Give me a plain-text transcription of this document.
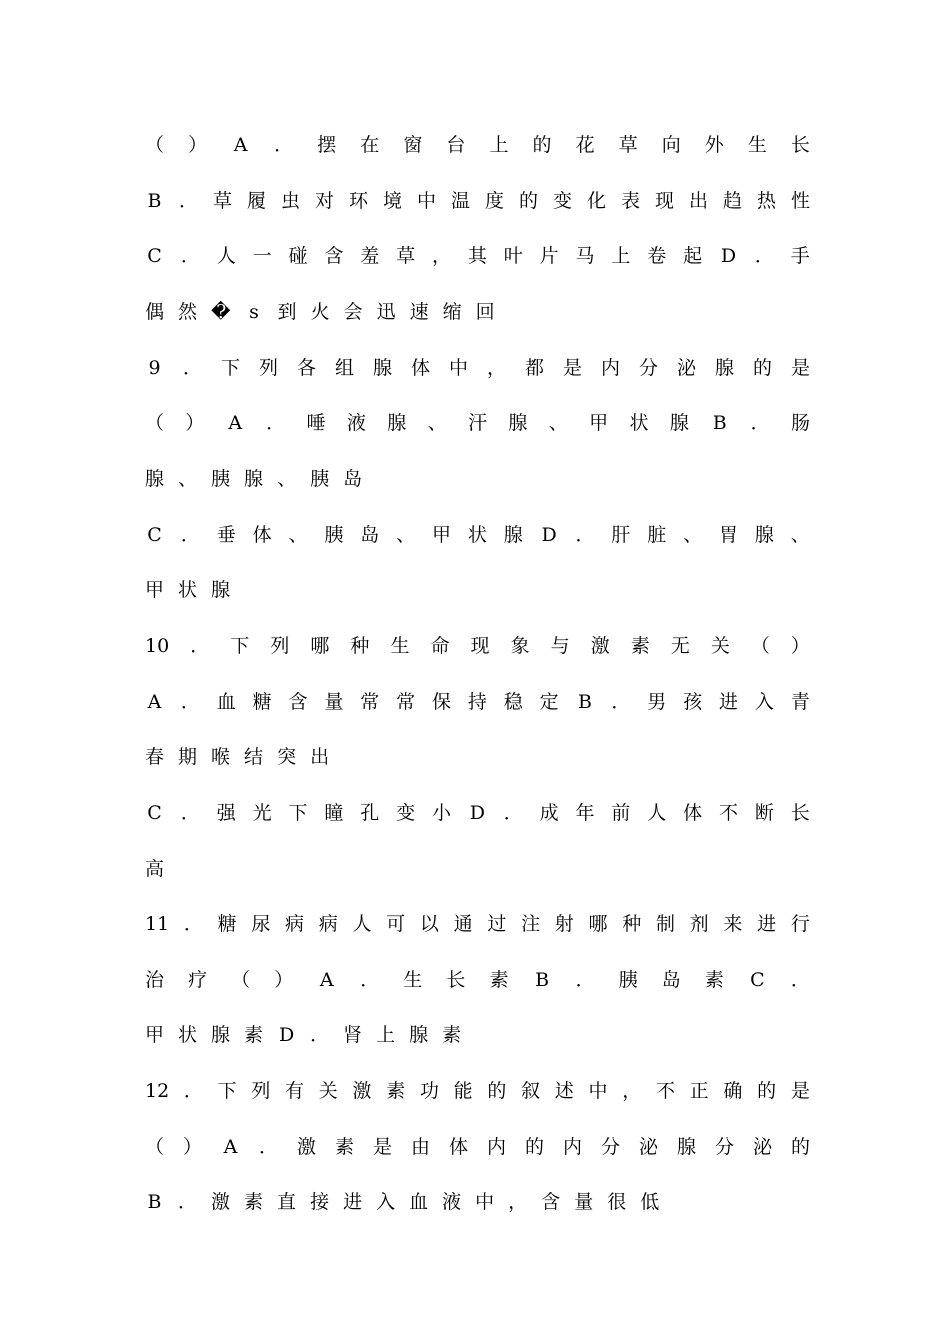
（ ） A ． 摆 在 窗 台 上 的 花 草 向 外 生 长
B ． 草 履 虫 对 环 境 中 温 度 的 变 化 表 现 出 趋 热 性
C ． 人 一 碰 含 羞 草 ， 其 叶 片 马 上 卷 起 D ． 手
偶 然 � s 到 火 会 迅 速 缩 回
9 ． 下 列 各 组 腺 体 中 ， 都 是 内 分 泌 腺 的 是
（ ） A ． 唾 液 腺 、 汗 腺 、 甲 状 腺 B ． 肠
腺 、 胰 腺 、 胰 岛
C ． 垂 体 、 胰 岛 、 甲 状 腺 D ． 肝 脏 、 胃 腺 、
甲 状 腺
10 ． 下 列 哪 种 生 命 现 象 与 激 素 无 关 （ ）
A ． 血 糖 含 量 常 常 保 持 稳 定 B ． 男 孩 进 入 青
春 期 喉 结 突 出
C ． 强 光 下 瞳 孔 变 小 D ． 成 年 前 人 体 不 断 长
高
11 ． 糖 尿 病 病 人 可 以 通 过 注 射 哪 种 制 剂 来 进 行
治 疗 （ ） A ． 生 长 素 B ． 胰 岛 素 C ．
甲 状 腺 素 D ． 肾 上 腺 素
12 ． 下 列 有 关 激 素 功 能 的 叙 述 中 ， 不 正 确 的 是
（ ） A ． 激 素 是 由 体 内 的 内 分 泌 腺 分 泌 的
B ． 激 素 直 接 进 入 血 液 中 ， 含 量 很 低
